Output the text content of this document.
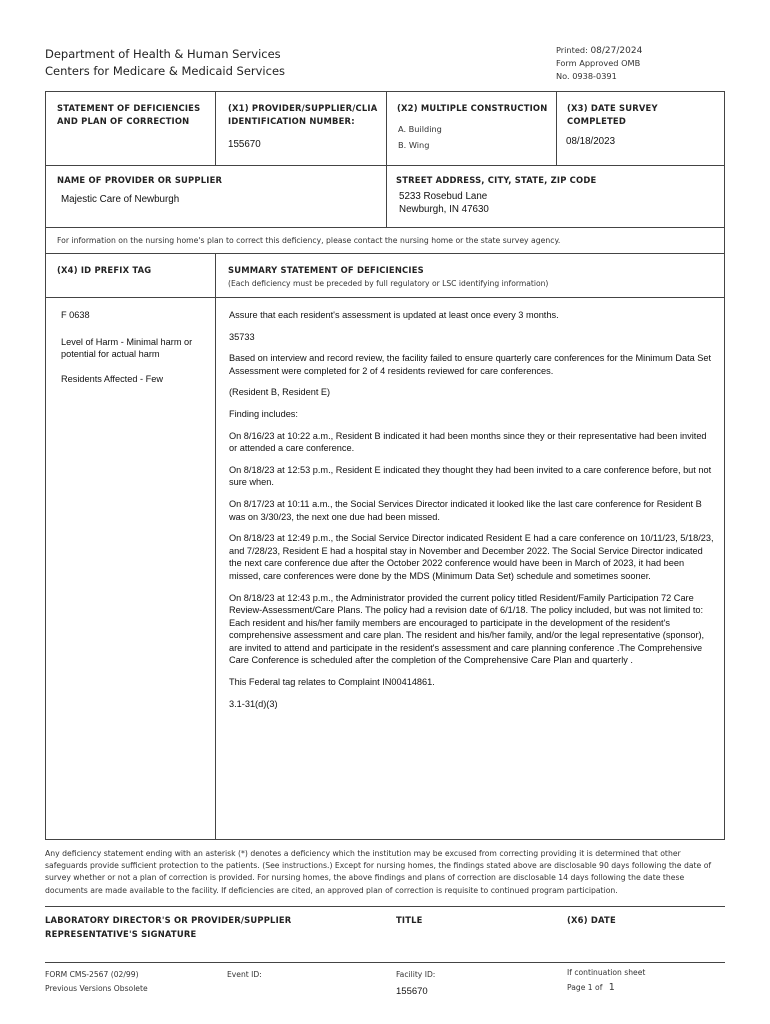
Department of Health & Human Services
Centers for Medicare & Medicaid Services
Printed: 08/27/2024
Form Approved OMB
No. 0938-0391
STATEMENT OF DEFICIENCIES
AND PLAN OF CORRECTION
(X1) PROVIDER/SUPPLIER/CLIA
IDENTIFICATION NUMBER:
155670
(X2) MULTIPLE CONSTRUCTION
A. Building
B. Wing
(X3) DATE SURVEY
COMPLETED
08/18/2023
NAME OF PROVIDER OR SUPPLIER
Majestic Care of Newburgh
STREET ADDRESS, CITY, STATE, ZIP CODE
5233 Rosebud Lane
Newburgh, IN 47630
For information on the nursing home's plan to correct this deficiency, please contact the nursing home or the state survey agency.
(X4) ID PREFIX TAG	SUMMARY STATEMENT OF DEFICIENCIES
(Each deficiency must be preceded by full regulatory or LSC identifying information)
F 0638
Level of Harm - Minimal harm or potential for actual harm
Residents Affected - Few
Assure that each resident's assessment is updated at least once every 3 months.
35733
Based on interview and record review, the facility failed to ensure quarterly care conferences for the Minimum Data Set Assessment were completed for 2 of 4 residents reviewed for care conferences.
(Resident B, Resident E)
Finding includes:
On 8/16/23 at 10:22 a.m., Resident B indicated it had been months since they or their representative had been invited or attended a care conference.
On 8/18/23 at 12:53 p.m., Resident E indicated they thought they had been invited to a care conference before, but not sure when.
On 8/17/23 at 10:11 a.m., the Social Services Director indicated it looked like the last care conference for Resident B was on 3/30/23, the next one due had been missed.
On 8/18/23 at 12:49 p.m., the Social Service Director indicated Resident E had a care conference on 10/11/23, 5/18/23, and 7/28/23, Resident E had a hospital stay in November and December 2022. The Social Service Director indicated the next care conference due after the October 2022 conference would have been in March of 2023, it had been missed, care conferences were done by the MDS (Minimum Data Set) schedule and sometimes sooner.
On 8/18/23 at 12:43 p.m., the Administrator provided the current policy titled Resident/Family Participation 72 Care Review-Assessment/Care Plans. The policy had a revision date of 6/1/18. The policy included, but was not limited to: Each resident and his/her family members are encouraged to participate in the development of the resident's comprehensive assessment and care plan. The resident and his/her family, and/or the legal representative (sponsor), are invited to attend and participate in the resident's assessment and care planning conference .The Comprehensive Care Conference is scheduled after the completion of the Comprehensive Care Plan and quarterly .
This Federal tag relates to Complaint IN00414861.
3.1-31(d)(3)
Any deficiency statement ending with an asterisk (*) denotes a deficiency which the institution may be excused from correcting providing it is determined that other safeguards provide sufficient protection to the patients. (See instructions.) Except for nursing homes, the findings stated above are disclosable 90 days following the date of survey whether or not a plan of correction is provided. For nursing homes, the above findings and plans of correction are disclosable 14 days following the date these documents are made available to the facility. If deficiencies are cited, an approved plan of correction is requisite to continued program participation.
LABORATORY DIRECTOR'S OR PROVIDER/SUPPLIER
REPRESENTATIVE'S SIGNATURE
TITLE	(X6) DATE
FORM CMS-2567 (02/99)
Previous Versions Obsolete
Event ID:	Facility ID:
155670
If continuation sheet
Page 1 of 1
